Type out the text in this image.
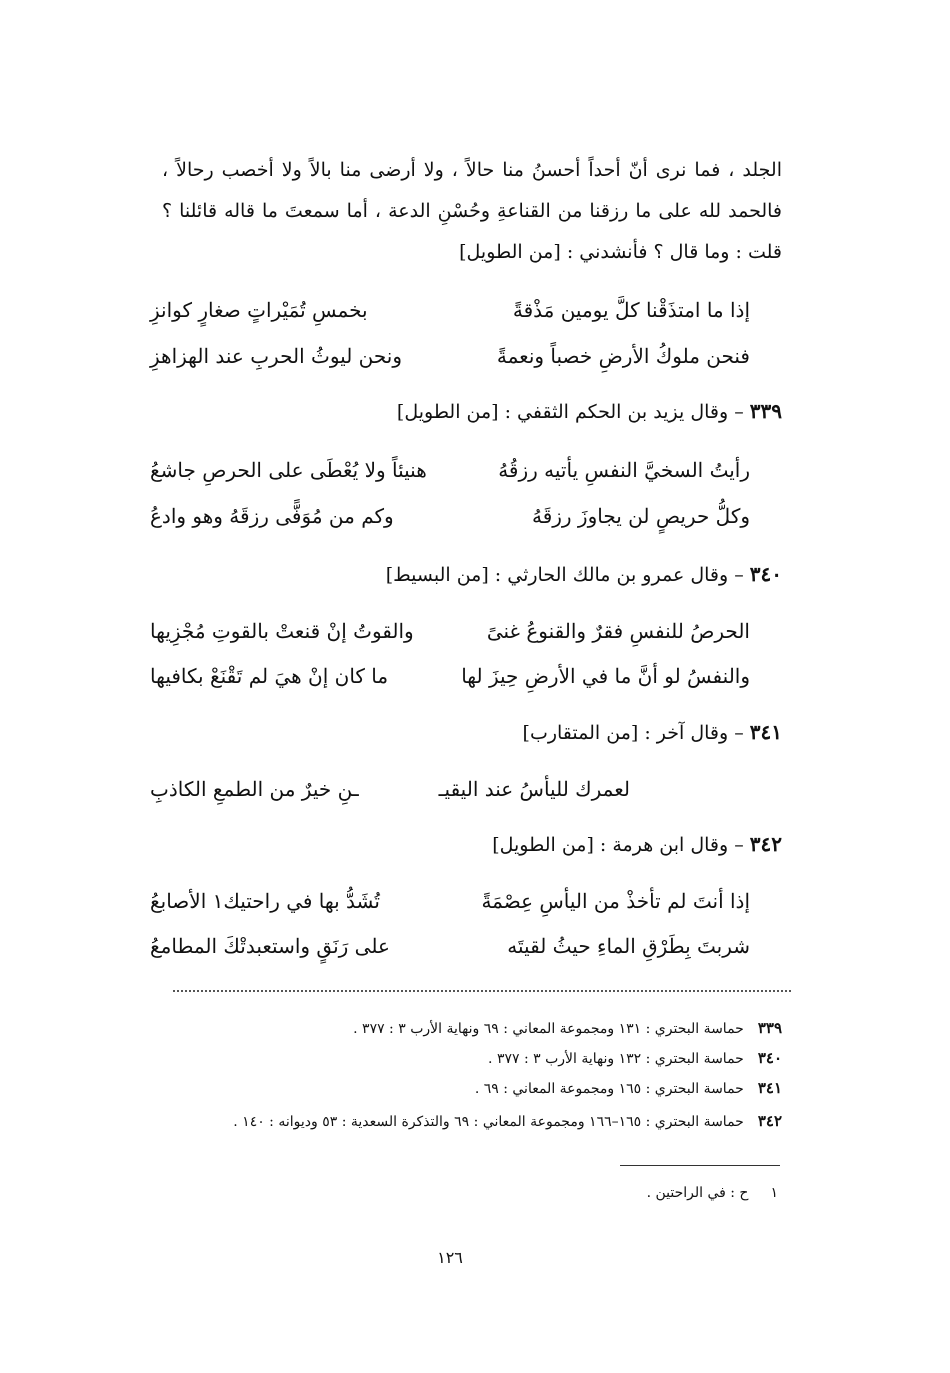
الجلد ، فما نرى أنّ أحداً أحسنُ منا حالاً ، ولا أرضى منا بالاً ولا أخصب رحالاً ، فالحمد لله على ما رزقنا من القناعةِ وحُسْنِ الدعة ، أما سمعتَ ما قاله قائلنا ؟ قلت : وما قال ؟ فأنشدني : [من الطويل]

إذا ما امتذَقْنا كلَّ يومين مَذْقةً
بخمسِ تُمَيْراتٍ صغارٍ كوانزِ
فنحن ملوكُ الأرضِ خصباً ونعمةً
ونحن ليوثُ الحربِ عند الهزاهزِ
٣٣٩ – وقال يزيد بن الحكم الثقفي : [من الطويل]
رأيتُ السخيَّ النفسِ يأتيه رزقُهُ
هنيئاً ولا يُعْطَى على الحرصِ جاشعُ
وكلُّ حريصٍ لن يجاوزَ رزقَهُ
وكم من مُوَفًّى رزقَهُ وهو وادعُ
٣٤٠ – وقال عمرو بن مالك الحارثي : [من البسيط]
الحرصُ للنفسِ فقرٌ والقنوعُ غنىً
والقوتُ إنْ قنعتْ بالقوتِ مُجْزِيها
والنفسُ لو أنَّ ما في الأرضِ حِيزَ لها
ما كان إنْ هيَ لم تَقْنَعْ بكافيها
٣٤١ – وقال آخر : [من المتقارب]
لعمرك لليأسُ عند اليقيـ
ـنِ خيرٌ من الطمعِ الكاذبِ
٣٤٢ – وقال ابن هرمة : [من الطويل]
إذا أنتَ لم تأخذْ من اليأسِ عِصْمَةً
تُشَدُّ بها في راحتيك١ الأصابعُ
شربتَ بِطَرْقِ الماءِ حيثُ لقيتَه
على رَنَقٍ واستعبدتْكَ المطامعُ
٣٣٩حماسة البحتري : ١٣١ ومجموعة المعاني : ٦٩ ونهاية الأرب ٣ : ٣٧٧ .
٣٤٠حماسة البحتري : ١٣٢ ونهاية الأرب ٣ : ٣٧٧ .
٣٤١حماسة البحتري : ١٦٥ ومجموعة المعاني : ٦٩ .
٣٤٢حماسة البحتري : ١٦٥–١٦٦ ومجموعة المعاني : ٦٩ والتذكرة السعدية : ٥٣ وديوانه : ١٤٠ .
١ح : في الراحتين .
١٢٦
